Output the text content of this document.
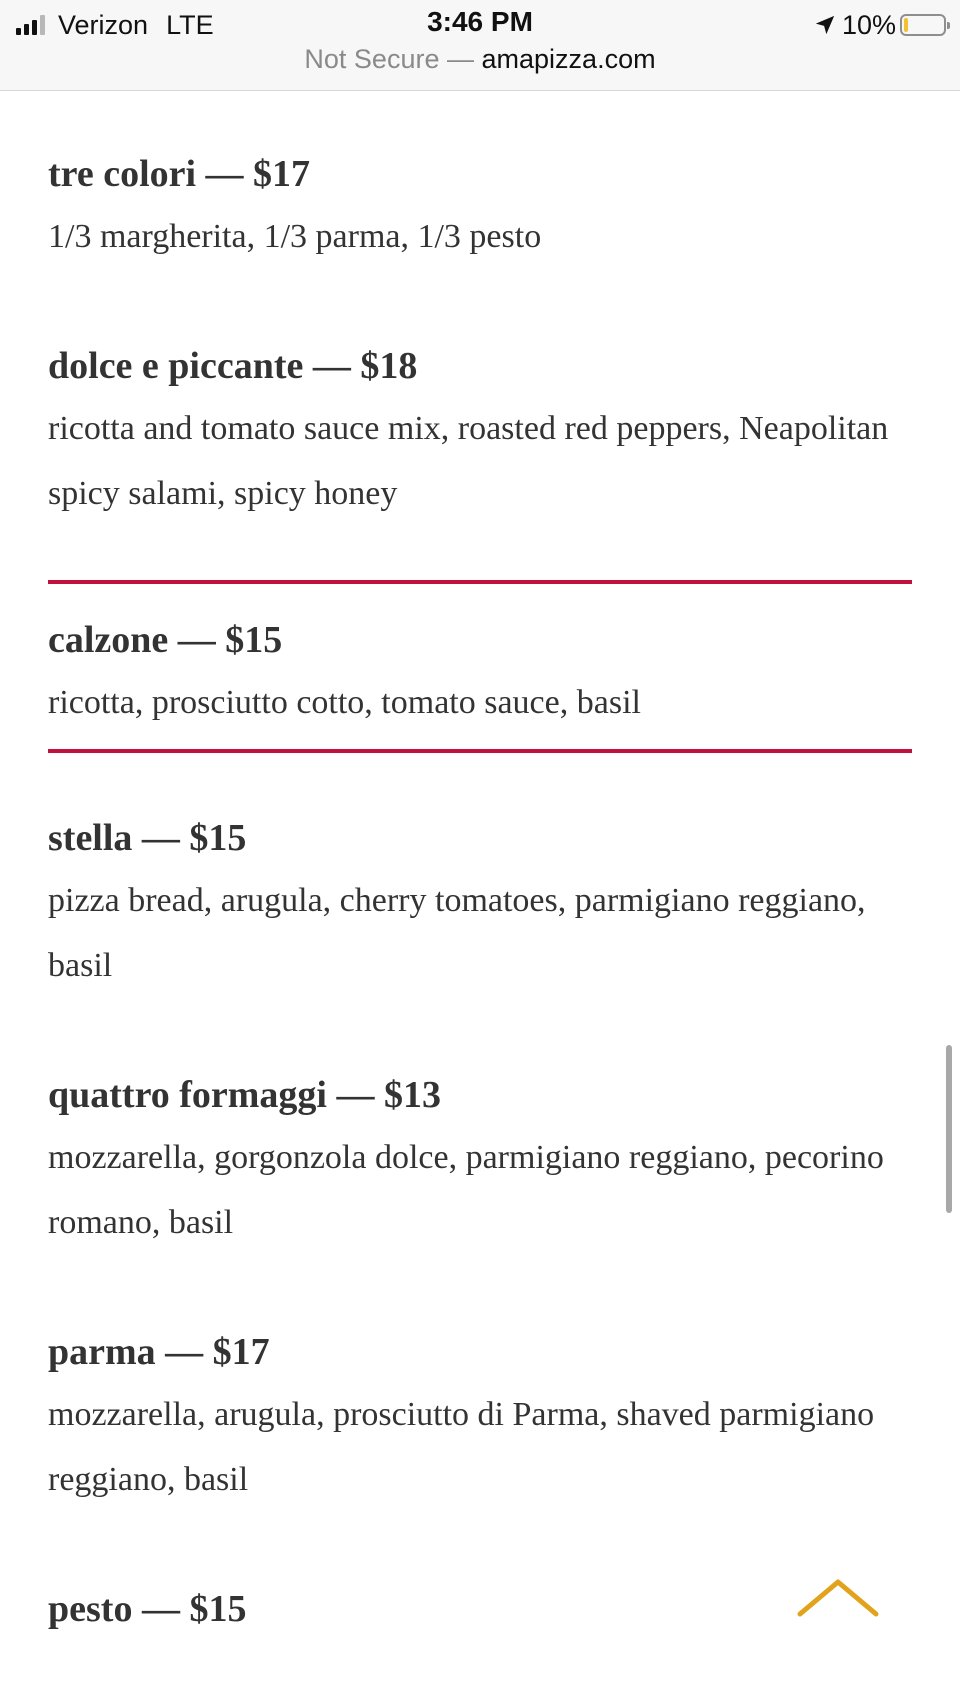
Verizon LTE	3:46 PM	10%
Not Secure — amapizza.com
tre colori — $17
1/3 margherita, 1/3 parma, 1/3 pesto
dolce e piccante — $18
ricotta and tomato sauce mix, roasted red peppers, Neapolitan spicy salami, spicy honey
calzone — $15
ricotta, prosciutto cotto, tomato sauce, basil
stella — $15
pizza bread, arugula, cherry tomatoes, parmigiano reggiano, basil
quattro formaggi — $13
mozzarella, gorgonzola dolce, parmigiano reggiano, pecorino romano, basil
parma — $17
mozzarella, arugula, prosciutto di Parma, shaved parmigiano reggiano, basil
pesto — $15
